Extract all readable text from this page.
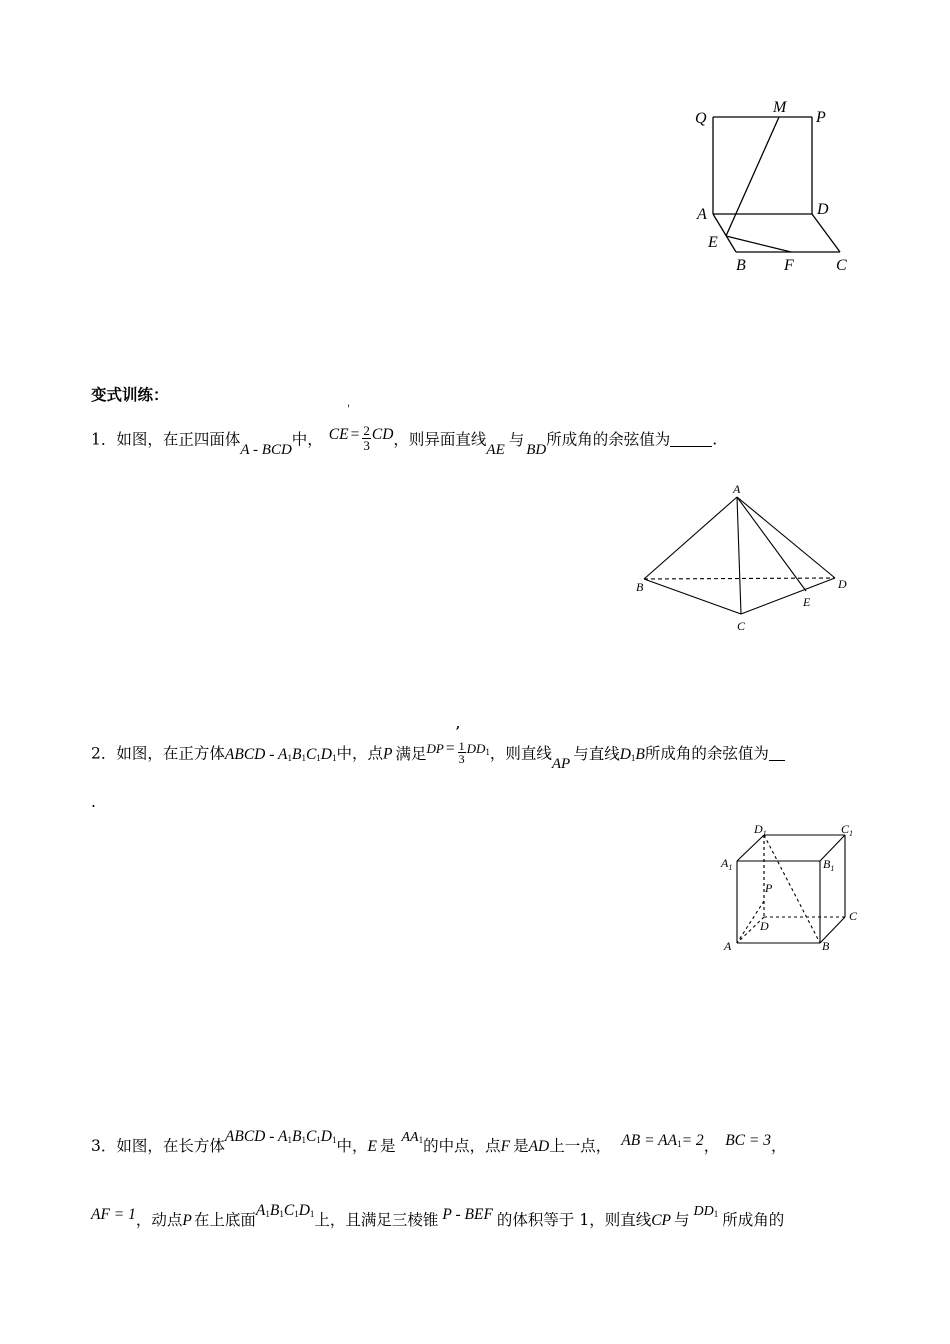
Q
M
P
A	D
E
B F	C
变式训练：
1．如图，在正四面体A - BCD中， CE = $\frac{2}{3}$ CD，则异面直线AE与BD所成角的余弦值为	.
'
A
B
C
D
E
,
2．如图，在正方体ABCD - $A_1B_1C_1D_1$中，点P 满足$^{DP} = \frac{1}{3} ^{DD_1}$，则直线AP与直线$D_1B$所成角的余弦值为
.
$D_1$	$C_1$
$A_1$	$B_1$
P
D
C
A	B
3．如图，在长方体ABCD - $A_1B_1C_1D_1$中，E 是 $AA_1$的中点，点F 是AD上一点， AB = $AA_1= 2$， BC = 3，
AF = 1，动点P 在上底面$A_1B_1C_1D_1$上，且满足三棱锥 P - BEF 的体积等于 1，则直线CP 与 $DD_1$ 所成角的
